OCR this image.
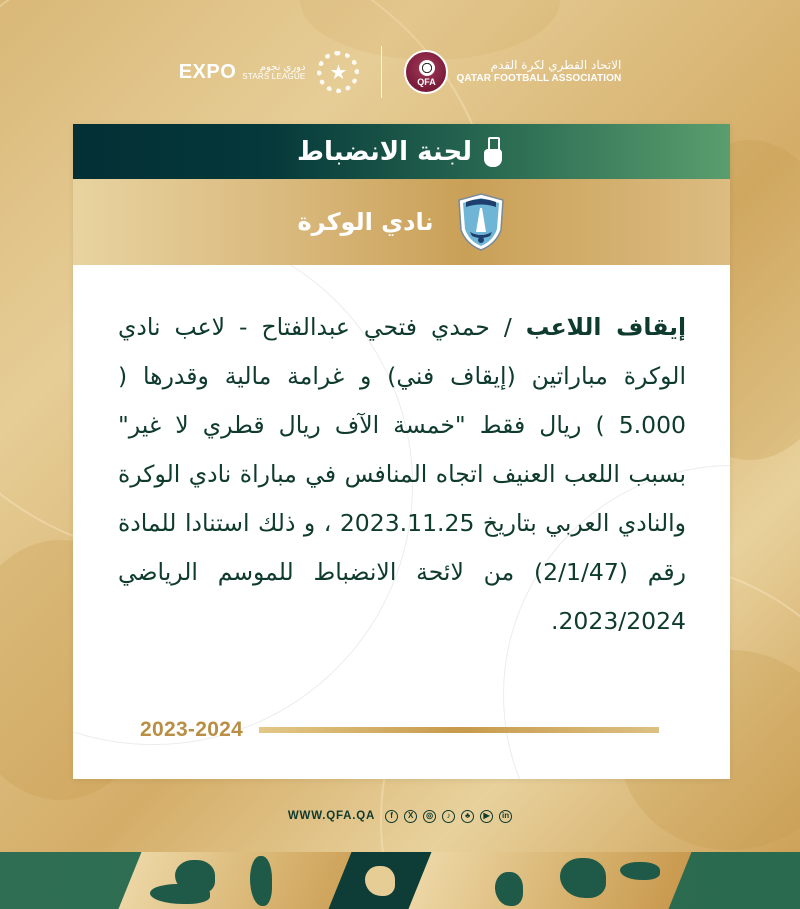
EXPO	دوري نجوم
STARS LEAGUE	★	QFA
الاتحاد القطري لكرة القدم
QATAR FOOTBALL ASSOCIATION
لجنة الانضباط
نادي الوكرة

إيقاف اللاعب / حمدي فتحي عبدالفتاح - لاعب نادي الوكرة مباراتين (إيقاف فني) و غرامة مالية وقدرها ( 5.000 ) ريال فقط "خمسة الآف ريال قطري لا غير" بسبب اللعب العنيف اتجاه المنافس في مباراة نادي الوكرة والنادي العربي بتاريخ 2023.11.25 ، و ذلك استنادا للمادة رقم (2/1/47) من لائحة الانضباط للموسم الرياضي 2023/2024.

2023-2024
WWW.QFA.QA	f	X	◎	♪	♣	▶	in
